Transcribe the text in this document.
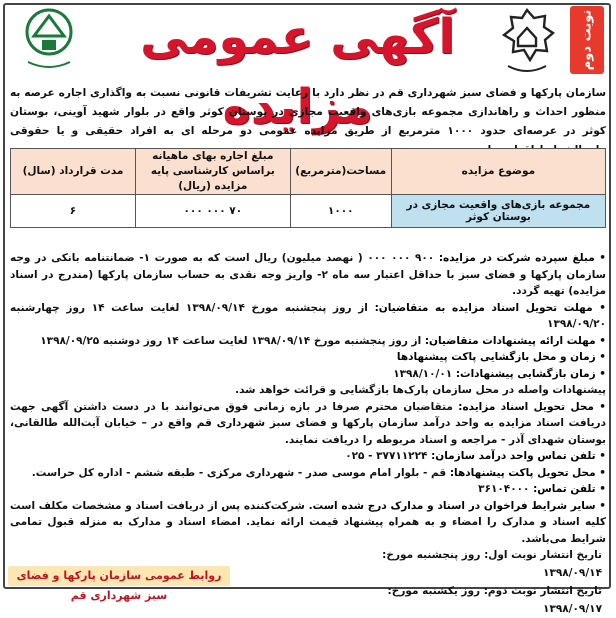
آگهی عمومی مزایده
نوبت دوم
سازمان پارکها و فضای سبز شهرداری قم در نظر دارد با رعایت تشریفات قانونی نسبت به واگذاری اجاره عرصه به منظور احداث و راهاندازی مجموعه بازی‌های واقعیت مجازی در بوستان کوثر واقع در بلوار شهید آوینی، بوستان کوثر در عرصه‌ای حدود ۱۰۰۰ مترمربع از طریق مزایده عمومی دو مرحله ای به افراد حقیقی و یا حقوقی
موضوع مزایده	مساحت(مترمربع)	مبلغ اجاره بهای ماهیانه براساس کارشناسی پایه مزایده (ریال)	مدت قرارداد (سال)
مجموعه بازی‌های واقعیت مجازی در بوستان کوثر	۱۰۰۰	۷۰ ۰۰۰ ۰۰۰	۶

• مبلغ سپرده شرکت در مزایده: ۹۰۰ ۰۰۰ ۰۰۰ ( نهصد میلیون) ریال است که به صورت ۱- ضمانتنامه بانکی در وجه سازمان پارکها و فضای سبز با حداقل اعتبار سه ماه ۲- واریز وجه نقدی به حساب سازمان پارکها (مندرج در اسناد مزایده) تهیه گردد.

• مهلت تحویل اسناد مزایده به متقاضیان: از روز پنجشنبه مورخ ۱۳۹۸/۰۹/۱۴ لغایت ساعت ۱۴ روز چهارشنبه ۱۳۹۸/۰۹/۲۰

• مهلت ارائه پیشنهادات متقاضیان: از روز پنجشنبه مورخ ۱۳۹۸/۰۹/۱۴ لغایت ساعت ۱۴ روز دوشنبه ۱۳۹۸/۰۹/۲۵

• زمان و محل بازگشایی پاکت پیشنهادها

• زمان بازگشایی پیشنهادات: ۱۳۹۸/۱۰/۰۱

پیشنهادات واصله در محل سازمان پارک‌ها بازگشایی و قرائت خواهد شد.

• محل تحویل اسناد مزایده: متقاضیان محترم صرفا در بازه زمانی فوق می‌توانند با در دست داشتن آگهی جهت دریافت اسناد مزایده به واحد درآمد سازمان پارکها و فضای سبز شهرداری قم واقع در – خیابان آیت‌الله طالقانی، بوستان شهدای آذر - مراجعه و اسناد مربوطه را دریافت نمایند.

• تلفن تماس واحد درآمد سازمان: ۳۷۷۱۱۲۲۴ - ۰۲۵

• محل تحویل پاکت پیشنهادها: قم - بلوار امام موسی صدر - شهرداری مرکزی - طبقه ششم - اداره کل حراست.

• تلفن تماس: ۳۶۱۰۴۰۰۰

• سایر شرایط فراخوان در اسناد و مدارک درج شده است. شرکت‌کننده پس از دریافت اسناد و مشخصات مکلف است کلیه اسناد و مدارک را امضاء و به همراه پیشنهاد قیمت ارائه نماید. امضاء اسناد و مدارک به منزله قبول تمامی شرایط می‌باشد.

تاریخ انتشار نوبت اول: روز پنجشنبه مورخ: ۱۳۹۸/۰۹/۱۴
تاریخ انتشار نوبت دوم: روز یکشنبه مورخ: ۱۳۹۸/۰۹/۱۷
روابط عمومی سازمان پارکها و فضای سبز شهرداری قم
